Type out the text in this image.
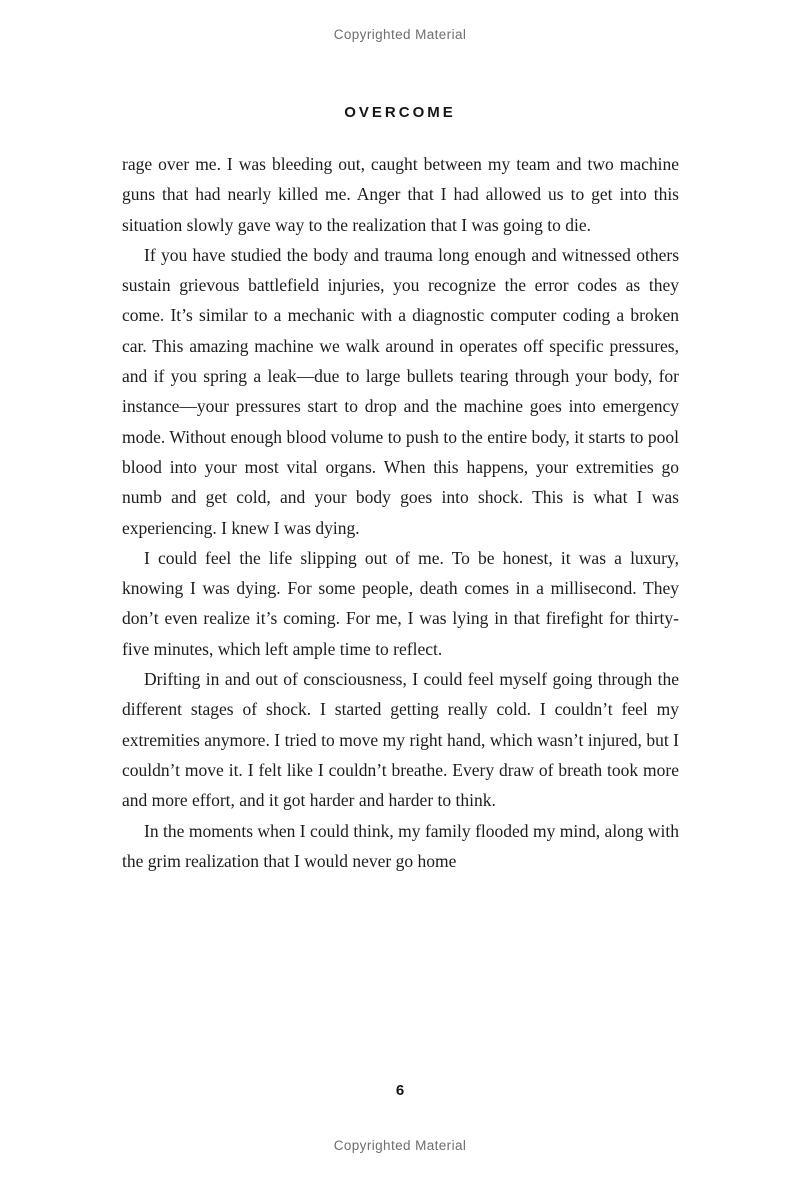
Copyrighted Material
OVERCOME

rage over me. I was bleeding out, caught between my team and two machine guns that had nearly killed me. Anger that I had allowed us to get into this situation slowly gave way to the realization that I was going to die.

If you have studied the body and trauma long enough and witnessed others sustain grievous battlefield injuries, you recognize the error codes as they come. It’s similar to a mechanic with a diagnostic computer coding a broken car. This amazing machine we walk around in operates off specific pressures, and if you spring a leak—due to large bullets tearing through your body, for instance—your pressures start to drop and the machine goes into emergency mode. Without enough blood volume to push to the entire body, it starts to pool blood into your most vital organs. When this happens, your extremities go numb and get cold, and your body goes into shock. This is what I was experiencing. I knew I was dying.

I could feel the life slipping out of me. To be honest, it was a luxury, knowing I was dying. For some people, death comes in a millisecond. They don’t even realize it’s coming. For me, I was lying in that firefight for thirty-five minutes, which left ample time to reflect.

Drifting in and out of consciousness, I could feel myself going through the different stages of shock. I started getting really cold. I couldn’t feel my extremities anymore. I tried to move my right hand, which wasn’t injured, but I couldn’t move it. I felt like I couldn’t breathe. Every draw of breath took more and more effort, and it got harder and harder to think.

In the moments when I could think, my family flooded my mind, along with the grim realization that I would never go home

6
Copyrighted Material
